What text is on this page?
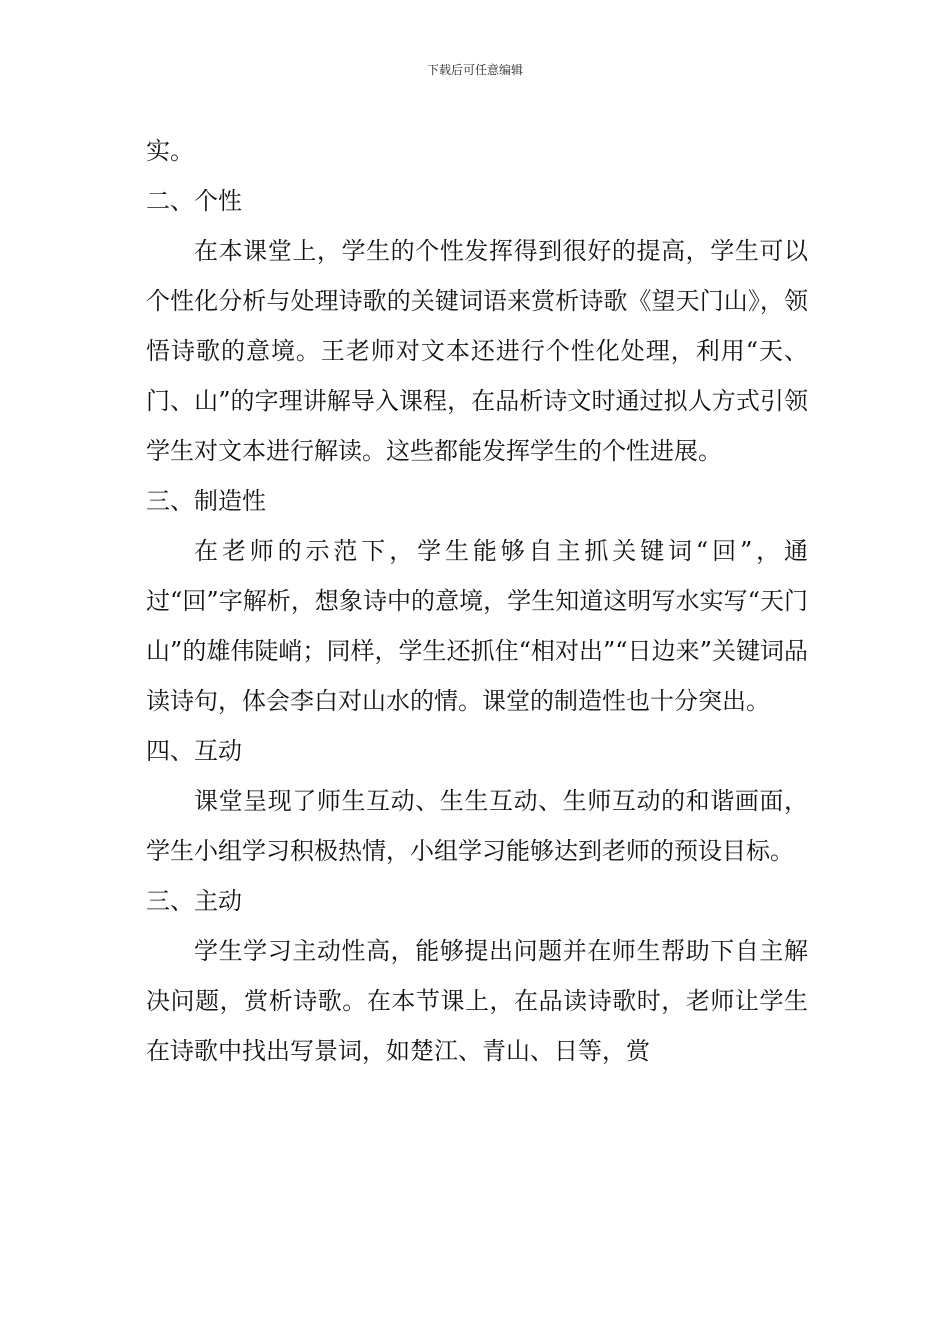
下载后可任意编辑

实。

二、个性

在本课堂上，学生的个性发挥得到很好的提高，学生可以个性化分析与处理诗歌的关键词语来赏析诗歌《望天门山》，领悟诗歌的意境。王老师对文本还进行个性化处理，利用“天、门、山”的字理讲解导入课程，在品析诗文时通过拟人方式引领学生对文本进行解读。这些都能发挥学生的个性进展。

三、制造性

在老师的示范下，学生能够自主抓关键词“回”，通过“回”字解析，想象诗中的意境，学生知道这明写水实写“天门山”的雄伟陡峭；同样，学生还抓住“相对出”“日边来”关键词品读诗句，体会李白对山水的情。课堂的制造性也十分突出。

四、互动

课堂呈现了师生互动、生生互动、生师互动的和谐画面，学生小组学习积极热情，小组学习能够达到老师的预设目标。

三、主动

学生学习主动性高，能够提出问题并在师生帮助下自主解决问题，赏析诗歌。在本节课上，在品读诗歌时，老师让学生在诗歌中找出写景词，如楚江、青山、日等，赏
